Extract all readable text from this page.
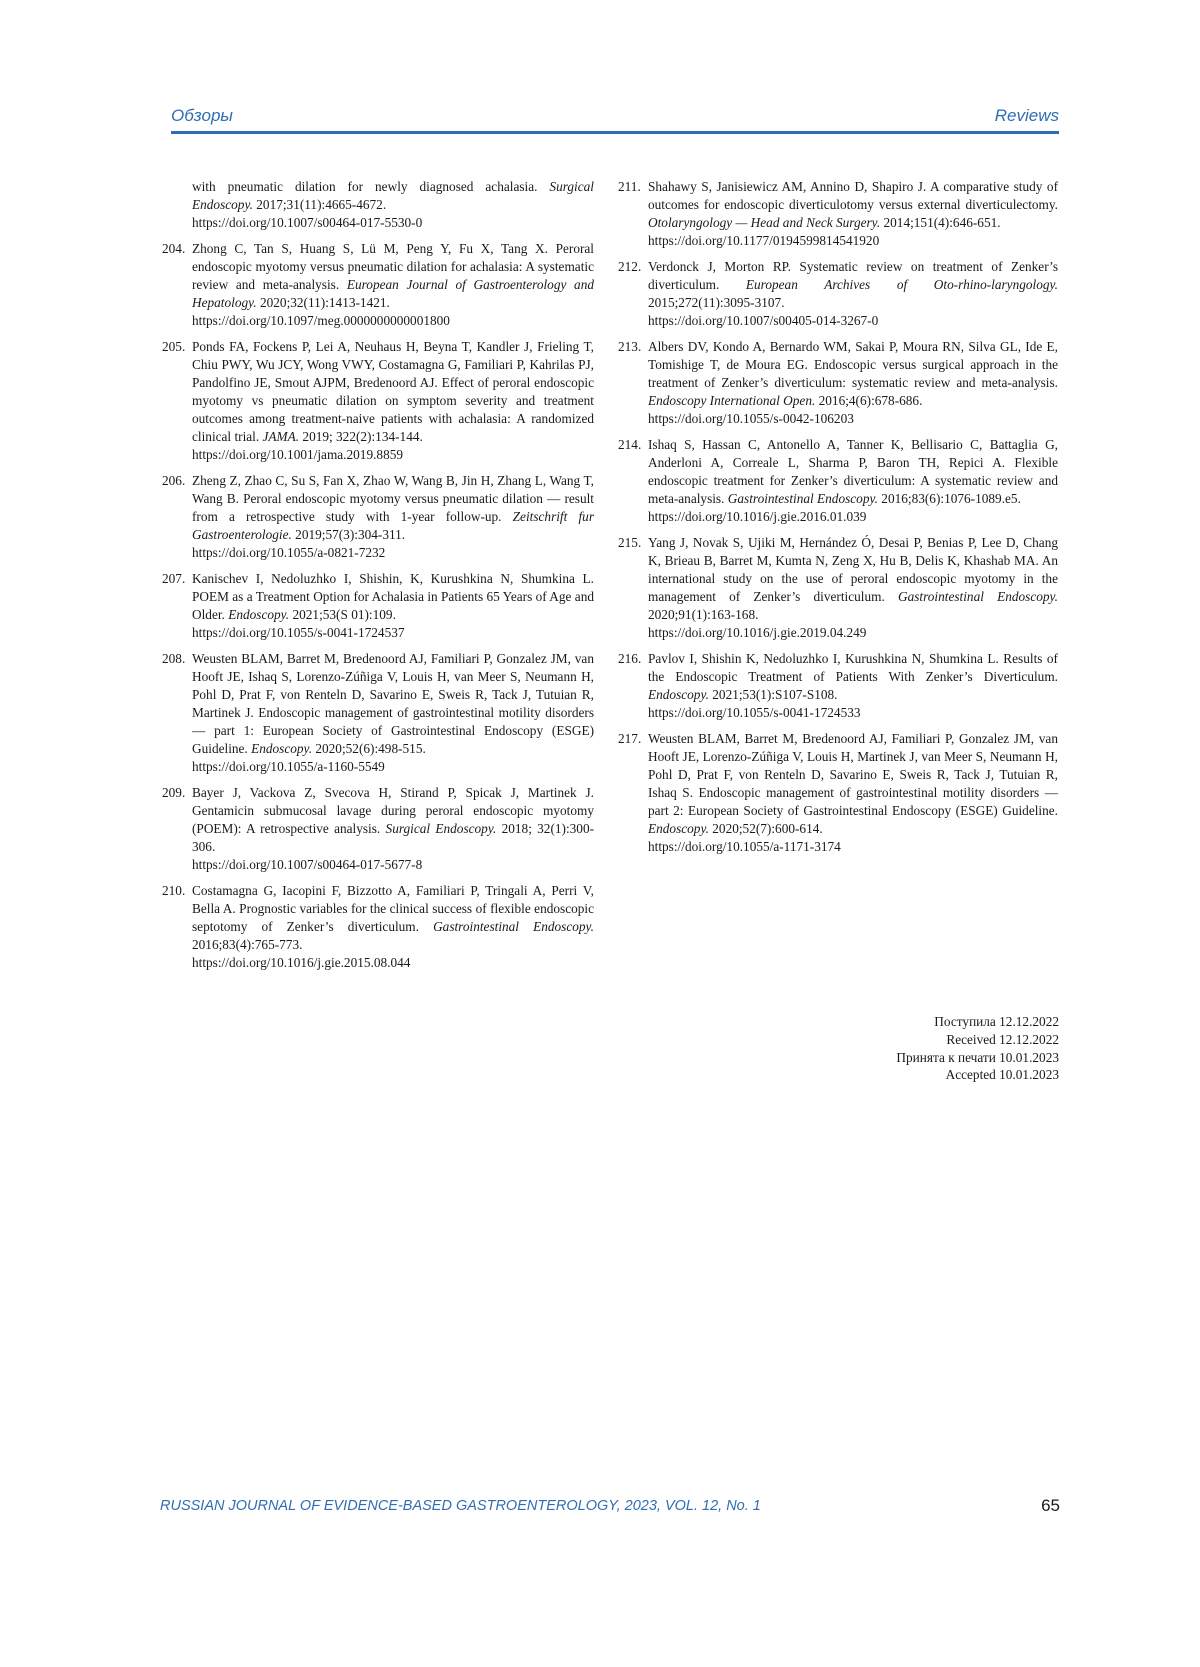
Обзоры	Reviews
with pneumatic dilation for newly diagnosed achalasia. Surgical Endoscopy. 2017;31(11):4665-4672.
https://doi.org/10.1007/s00464-017-5530-0
204. Zhong C, Tan S, Huang S, Lü M, Peng Y, Fu X, Tang X. Peroral endoscopic myotomy versus pneumatic dilation for achalasia: A systematic review and meta-analysis. European Journal of Gastroenterology and Hepatology. 2020;32(11):1413-1421.
https://doi.org/10.1097/meg.0000000000001800
205. Ponds FA, Fockens P, Lei A, Neuhaus H, Beyna T, Kandler J, Frieling T, Chiu PWY, Wu JCY, Wong VWY, Costamagna G, Familiari P, Kahrilas PJ, Pandolfino JE, Smout AJPM, Bredenoord AJ. Effect of peroral endoscopic myotomy vs pneumatic dilation on symptom severity and treatment outcomes among treatment-naive patients with achalasia: A randomized clinical trial. JAMA. 2019; 322(2):134-144.
https://doi.org/10.1001/jama.2019.8859
206. Zheng Z, Zhao C, Su S, Fan X, Zhao W, Wang B, Jin H, Zhang L, Wang T, Wang B. Peroral endoscopic myotomy versus pneumatic dilation — result from a retrospective study with 1-year follow-up. Zeitschrift fur Gastroenterologie. 2019;57(3):304-311.
https://doi.org/10.1055/a-0821-7232
207. Kanischev I, Nedoluzhko I, Shishin, K, Kurushkina N, Shumkina L. POEM as a Treatment Option for Achalasia in Patients 65 Years of Age and Older. Endoscopy. 2021;53(S 01):109.
https://doi.org/10.1055/s-0041-1724537
208. Weusten BLAM, Barret M, Bredenoord AJ, Familiari P, Gonzalez JM, van Hooft JE, Ishaq S, Lorenzo-Zúñiga V, Louis H, van Meer S, Neumann H, Pohl D, Prat F, von Renteln D, Savarino E, Sweis R, Tack J, Tutuian R, Martinek J. Endoscopic management of gastrointestinal motility disorders — part 1: European Society of Gastrointestinal Endoscopy (ESGE) Guideline. Endoscopy. 2020;52(6):498-515.
https://doi.org/10.1055/a-1160-5549
209. Bayer J, Vackova Z, Svecova H, Stirand P, Spicak J, Martinek J. Gentamicin submucosal lavage during peroral endoscopic myotomy (POEM): A retrospective analysis. Surgical Endoscopy. 2018; 32(1):300-306.
https://doi.org/10.1007/s00464-017-5677-8
210. Costamagna G, Iacopini F, Bizzotto A, Familiari P, Tringali A, Perri V, Bella A. Prognostic variables for the clinical success of flexible endoscopic septotomy of Zenker’s diverticulum. Gastrointestinal Endoscopy. 2016;83(4):765-773.
https://doi.org/10.1016/j.gie.2015.08.044
211. Shahawy S, Janisiewicz AM, Annino D, Shapiro J. A comparative study of outcomes for endoscopic diverticulotomy versus external diverticulectomy. Otolaryngology — Head and Neck Surgery. 2014;151(4):646-651.
https://doi.org/10.1177/0194599814541920
212. Verdonck J, Morton RP. Systematic review on treatment of Zenker’s diverticulum. European Archives of Oto-rhino-laryngology. 2015;272(11):3095-3107.
https://doi.org/10.1007/s00405-014-3267-0
213. Albers DV, Kondo A, Bernardo WM, Sakai P, Moura RN, Silva GL, Ide E, Tomishige T, de Moura EG. Endoscopic versus surgical approach in the treatment of Zenker’s diverticulum: systematic review and meta-analysis. Endoscopy International Open. 2016;4(6):678-686.
https://doi.org/10.1055/s-0042-106203
214. Ishaq S, Hassan C, Antonello A, Tanner K, Bellisario C, Battaglia G, Anderloni A, Correale L, Sharma P, Baron TH, Repici A. Flexible endoscopic treatment for Zenker’s diverticulum: A systematic review and meta-analysis. Gastrointestinal Endoscopy. 2016;83(6):1076-1089.e5.
https://doi.org/10.1016/j.gie.2016.01.039
215. Yang J, Novak S, Ujiki M, Hernández Ó, Desai P, Benias P, Lee D, Chang K, Brieau B, Barret M, Kumta N, Zeng X, Hu B, Delis K, Khashab MA. An international study on the use of peroral endoscopic myotomy in the management of Zenker’s diverticulum. Gastrointestinal Endoscopy. 2020;91(1):163-168.
https://doi.org/10.1016/j.gie.2019.04.249
216. Pavlov I, Shishin K, Nedoluzhko I, Kurushkina N, Shumkina L. Results of the Endoscopic Treatment of Patients With Zenker’s Diverticulum. Endoscopy. 2021;53(1):S107-S108.
https://doi.org/10.1055/s-0041-1724533
217. Weusten BLAM, Barret M, Bredenoord AJ, Familiari P, Gonzalez JM, van Hooft JE, Lorenzo-Zúñiga V, Louis H, Martinek J, van Meer S, Neumann H, Pohl D, Prat F, von Renteln D, Savarino E, Sweis R, Tack J, Tutuian R, Ishaq S. Endoscopic management of gastrointestinal motility disorders — part 2: European Society of Gastrointestinal Endoscopy (ESGE) Guideline. Endoscopy. 2020;52(7):600-614.
https://doi.org/10.1055/a-1171-3174
Поступила 12.12.2022
Received 12.12.2022
Принята к печати 10.01.2023
Accepted 10.01.2023
RUSSIAN JOURNAL OF EVIDENCE-BASED GASTROENTEROLOGY, 2023, VOL. 12, No. 1	65
